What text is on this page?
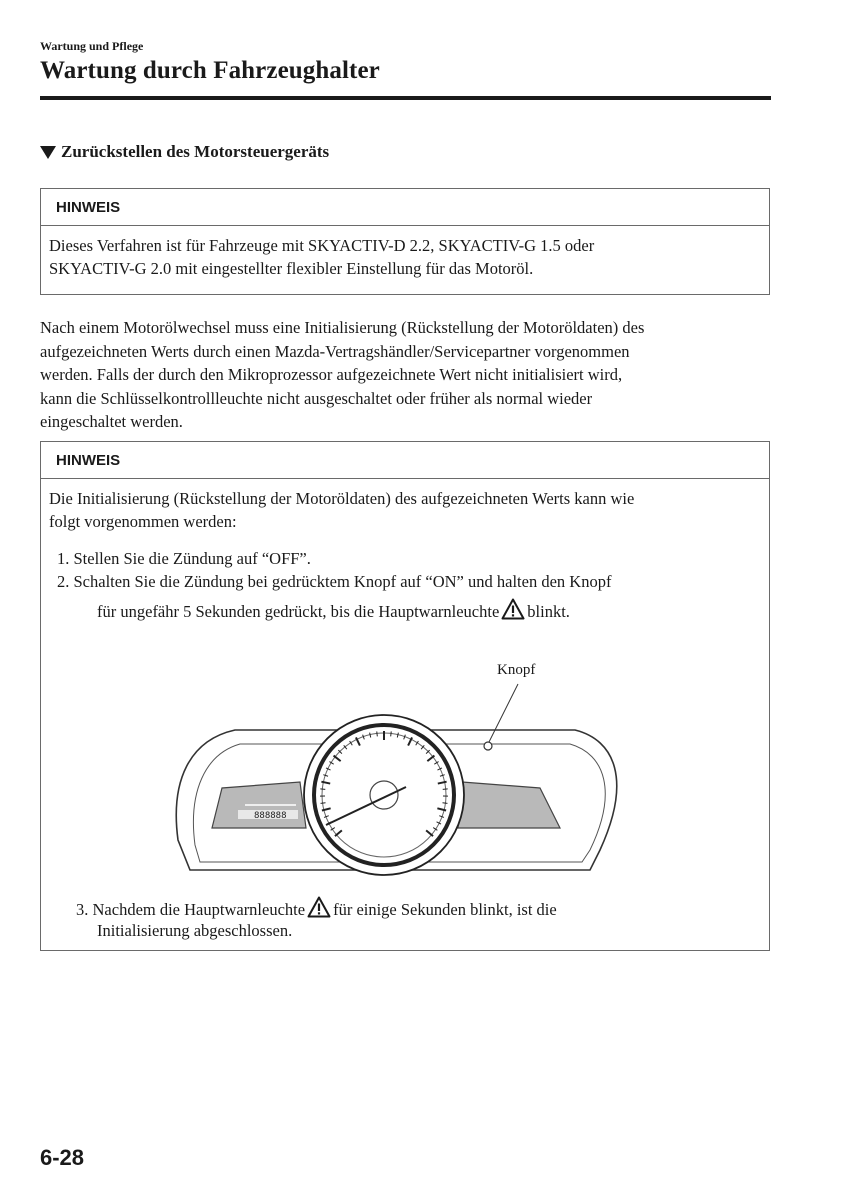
Wartung und Pflege
Wartung durch Fahrzeughalter
Zurückstellen des Motorsteuergeräts
HINWEIS
Dieses Verfahren ist für Fahrzeuge mit SKYACTIV-D 2.2, SKYACTIV-G 1.5 oder
SKYACTIV-G 2.0 mit eingestellter flexibler Einstellung für das Motoröl.
Nach einem Motorölwechsel muss eine Initialisierung (Rückstellung der Motoröldaten) des
aufgezeichneten Werts durch einen Mazda-Vertragshändler/Servicepartner vorgenommen
werden. Falls der durch den Mikroprozessor aufgezeichnete Wert nicht initialisiert wird,
kann die Schlüsselkontrollleuchte nicht ausgeschaltet oder früher als normal wieder
eingeschaltet werden.
HINWEIS
Die Initialisierung (Rückstellung der Motoröldaten) des aufgezeichneten Werts kann wie
folgt vorgenommen werden:
1. Stellen Sie die Zündung auf “OFF”.
2. Schalten Sie die Zündung bei gedrücktem Knopf auf “ON” und halten den Knopf
für ungefähr 5 Sekunden gedrückt, bis die Hauptwarnleuchte blinkt.
Knopf
888888
3. Nachdem die Hauptwarnleuchte für einige Sekunden blinkt, ist die
Initialisierung abgeschlossen.
6-28
